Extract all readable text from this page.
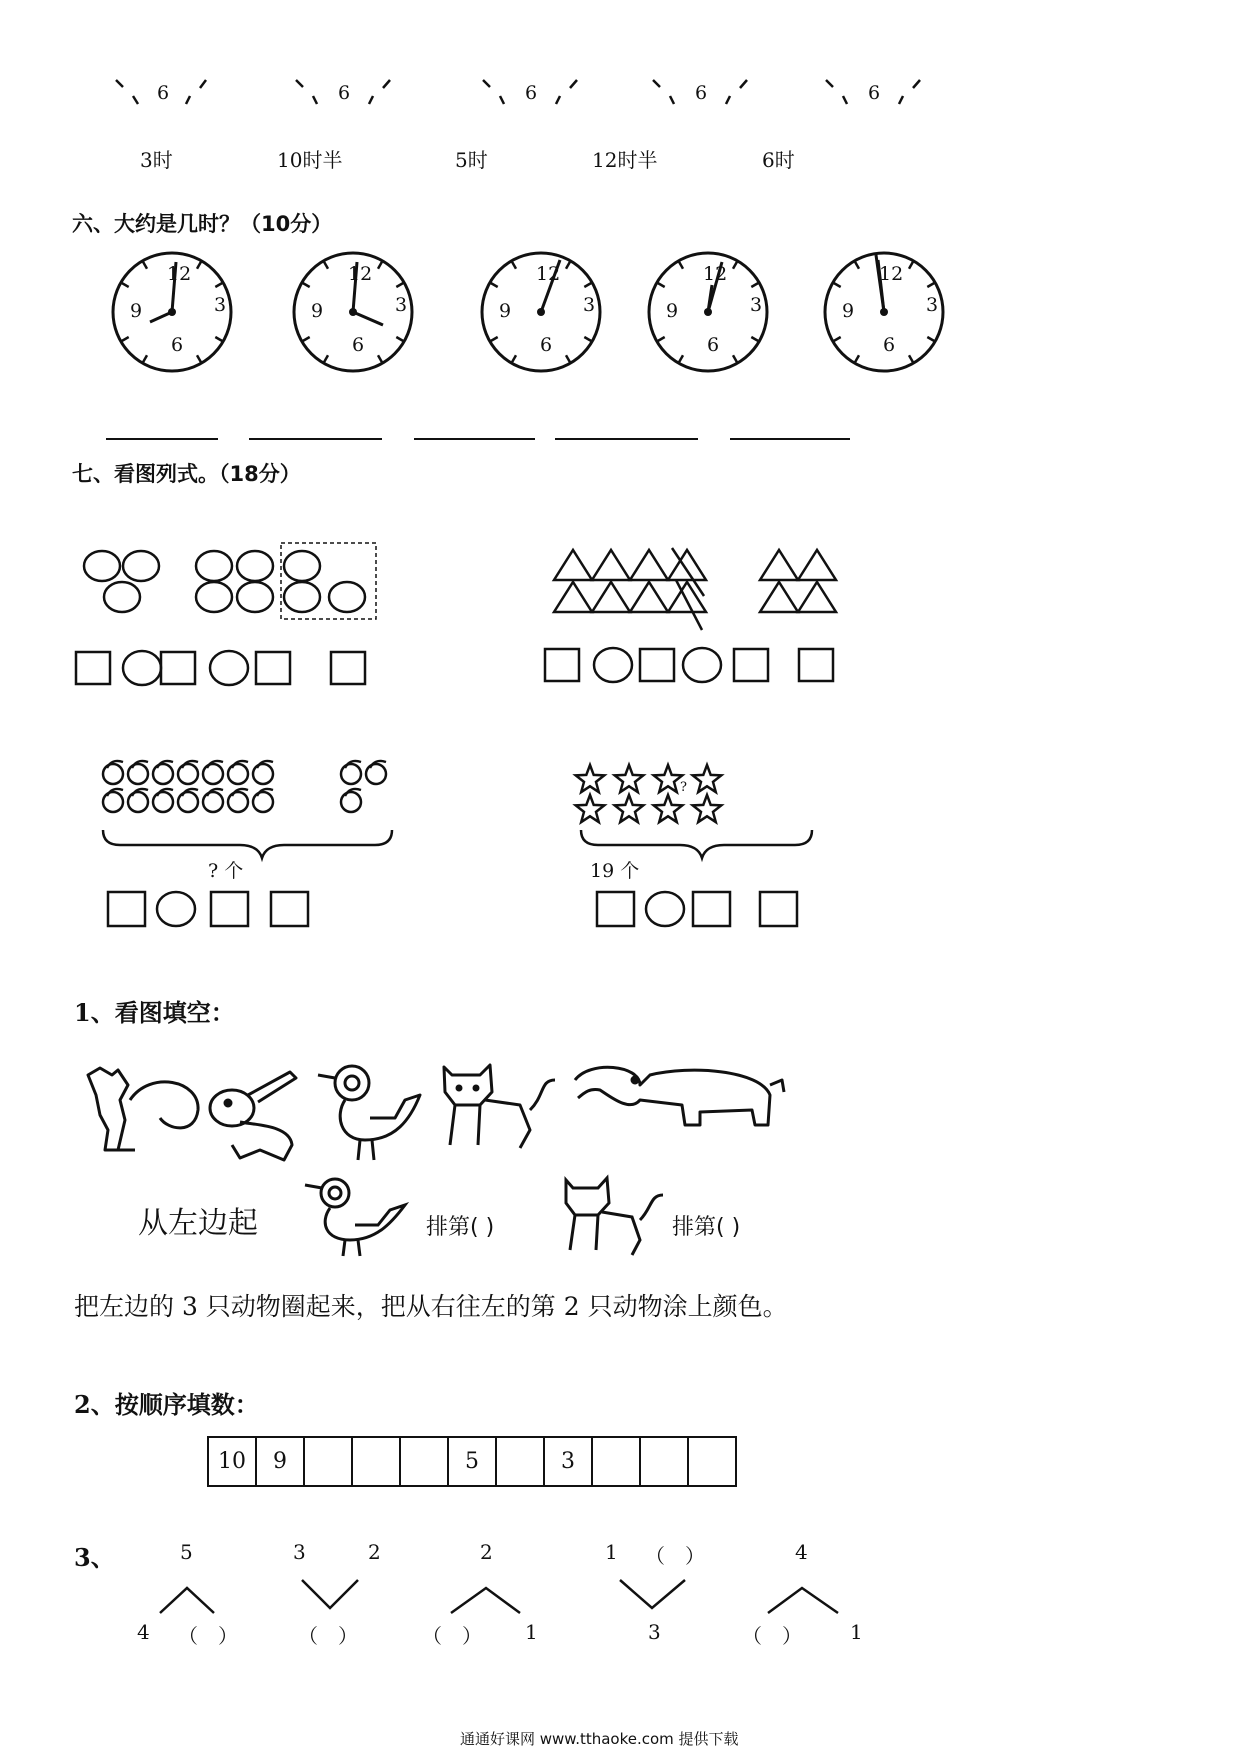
6	6	6	6	6
3时	10时半	5时	12时半	6时
六、大约是几时？（10分）
12
3
6
9
12
3
6
9
12
3
6
9
12
3
6
9
12
3
6
9
七、看图列式。（18分）
? 个
?
19 个
1、看图填空：
从左边起	排第( )	排第( )
把左边的 3 只动物圈起来，把从右往左的第 2 只动物涂上颜色。
2、按顺序填数：
10	9				5		3			
3、	5
4 （　）
3	2
（　）
2
（　） 1
1 （　）
3
4
（　） 1
通通好课网 www.tthaoke.com 提供下载
